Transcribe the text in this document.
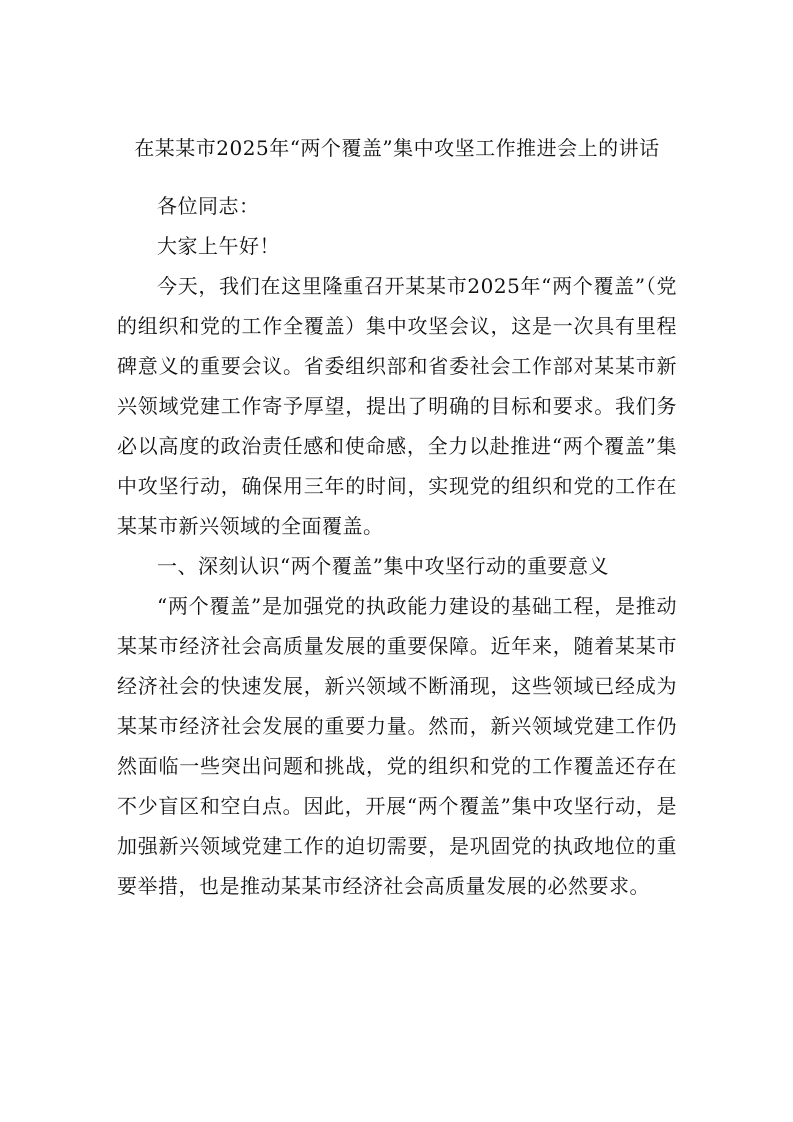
在某某市2025年“两个覆盖”集中攻坚工作推进会上的讲话

各位同志：

大家上午好！

今天，我们在这里隆重召开某某市2025年“两个覆盖”（党的组织和党的工作全覆盖）集中攻坚会议，这是一次具有里程碑意义的重要会议。省委组织部和省委社会工作部对某某市新兴领域党建工作寄予厚望，提出了明确的目标和要求。我们务必以高度的政治责任感和使命感，全力以赴推进“两个覆盖”集中攻坚行动，确保用三年的时间，实现党的组织和党的工作在某某市新兴领域的全面覆盖。

一、深刻认识“两个覆盖”集中攻坚行动的重要意义

“两个覆盖”是加强党的执政能力建设的基础工程，是推动某某市经济社会高质量发展的重要保障。近年来，随着某某市经济社会的快速发展，新兴领域不断涌现，这些领域已经成为某某市经济社会发展的重要力量。然而，新兴领域党建工作仍然面临一些突出问题和挑战，党的组织和党的工作覆盖还存在不少盲区和空白点。因此，开展“两个覆盖”集中攻坚行动，是加强新兴领域党建工作的迫切需要，是巩固党的执政地位的重要举措，也是推动某某市经济社会高质量发展的必然要求。
